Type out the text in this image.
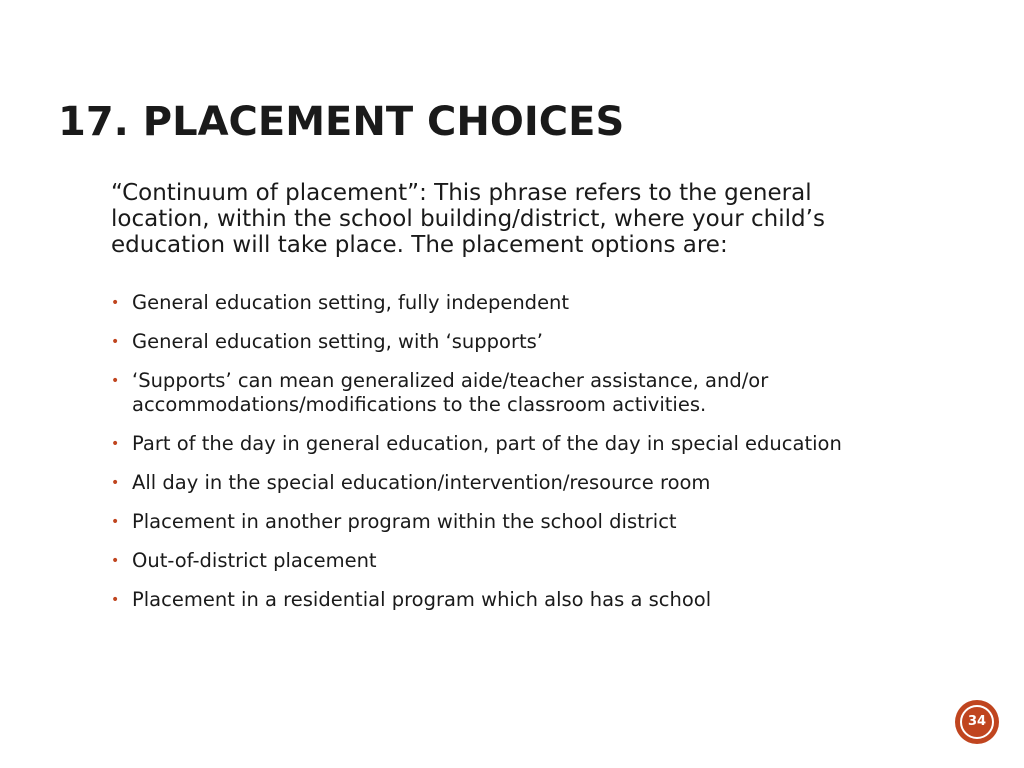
17. PLACEMENT CHOICES

“Continuum of placement”: This phrase refers to the general location, within the school building/district, where your child’s education will take place. The placement options are:

• General education setting, fully independent
• General education setting, with ‘supports’
• ‘Supports’ can mean generalized aide/teacher assistance, and/or accommodations/modifications to the classroom activities.
• Part of the day in general education, part of the day in special education
• All day in the special education/intervention/resource room
• Placement in another program within the school district
• Out-of-district placement
• Placement in a residential program which also has a school
34
